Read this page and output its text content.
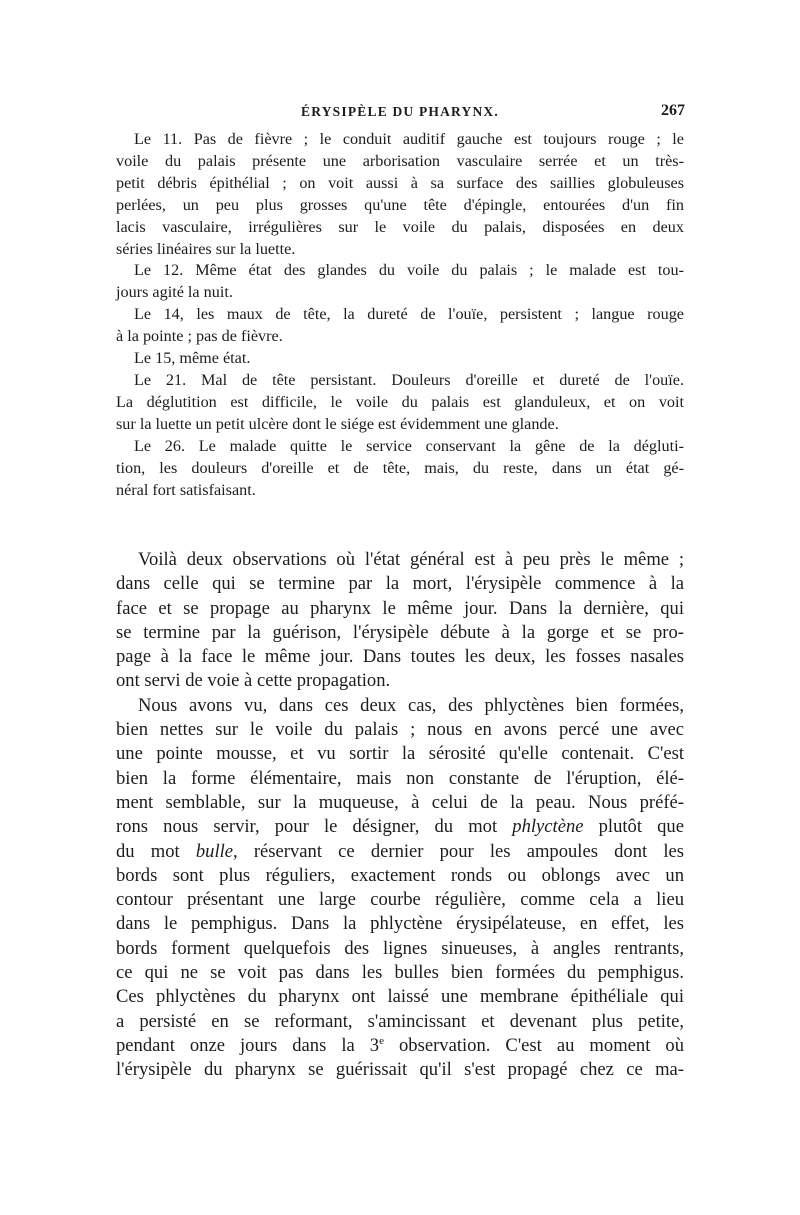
ÉRYSIPÈLE DU PHARYNX.	267
Le 11. Pas de fièvre ; le conduit auditif gauche est toujours rouge ; le
voile du palais présente une arborisation vasculaire serrée et un très-
petit débris épithélial ; on voit aussi à sa surface des saillies globuleuses
perlées, un peu plus grosses qu'une tête d'épingle, entourées d'un fin
lacis vasculaire, irrégulières sur le voile du palais, disposées en deux
séries linéaires sur la luette.
Le 12. Même état des glandes du voile du palais ; le malade est tou-
jours agité la nuit.
Le 14, les maux de tête, la dureté de l'ouïe, persistent ; langue rouge
à la pointe ; pas de fièvre.
Le 15, même état.
Le 21. Mal de tête persistant. Douleurs d'oreille et dureté de l'ouïe.
La déglutition est difficile, le voile du palais est glanduleux, et on voit
sur la luette un petit ulcère dont le siége est évidemment une glande.
Le 26. Le malade quitte le service conservant la gêne de la dégluti-
tion, les douleurs d'oreille et de tête, mais, du reste, dans un état gé-
néral fort satisfaisant.
Voilà deux observations où l'état général est à peu près le même ;
dans celle qui se termine par la mort, l'érysipèle commence à la
face et se propage au pharynx le même jour. Dans la dernière, qui
se termine par la guérison, l'érysipèle débute à la gorge et se pro-
page à la face le même jour. Dans toutes les deux, les fosses nasales
ont servi de voie à cette propagation.
Nous avons vu, dans ces deux cas, des phlyctènes bien formées,
bien nettes sur le voile du palais ; nous en avons percé une avec
une pointe mousse, et vu sortir la sérosité qu'elle contenait. C'est
bien la forme élémentaire, mais non constante de l'éruption, élé-
ment semblable, sur la muqueuse, à celui de la peau. Nous préfé-
rons nous servir, pour le désigner, du mot phlyctène plutôt que
du mot bulle, réservant ce dernier pour les ampoules dont les
bords sont plus réguliers, exactement ronds ou oblongs avec un
contour présentant une large courbe régulière, comme cela a lieu
dans le pemphigus. Dans la phlyctène érysipélateuse, en effet, les
bords forment quelquefois des lignes sinueuses, à angles rentrants,
ce qui ne se voit pas dans les bulles bien formées du pemphigus.
Ces phlyctènes du pharynx ont laissé une membrane épithéliale qui
a persisté en se reformant, s'amincissant et devenant plus petite,
pendant onze jours dans la 3e observation. C'est au moment où
l'érysipèle du pharynx se guérissait qu'il s'est propagé chez ce ma-
